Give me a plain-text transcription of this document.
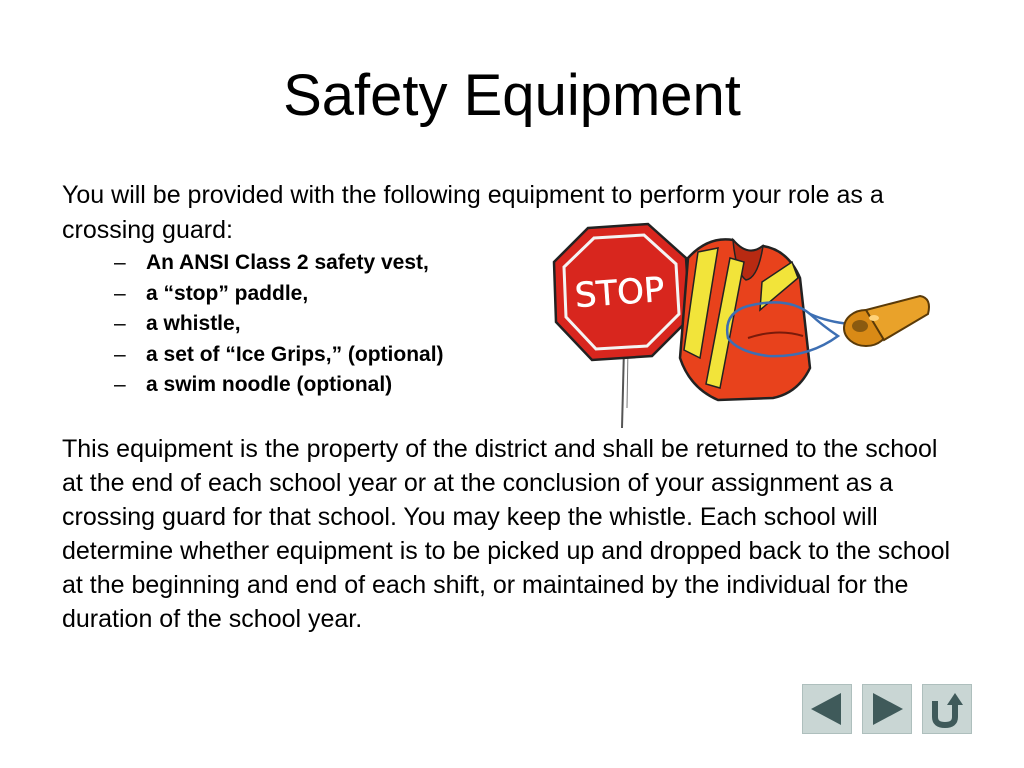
Safety Equipment
You will be provided with the following equipment to perform your role as a crossing guard:
– An ANSI Class 2 safety vest,
– a “stop” paddle,
– a whistle,
– a set of “Ice Grips,” (optional)
– a swim noodle (optional)
STOP
This equipment is the property of the district and shall be returned to the school at the end of each school year or at the conclusion of your assignment as a crossing guard for that school. You may keep the whistle. Each school will determine whether equipment is to be picked up and dropped back to the school at the beginning and end of each shift, or maintained by the individual for the duration of the school year.
